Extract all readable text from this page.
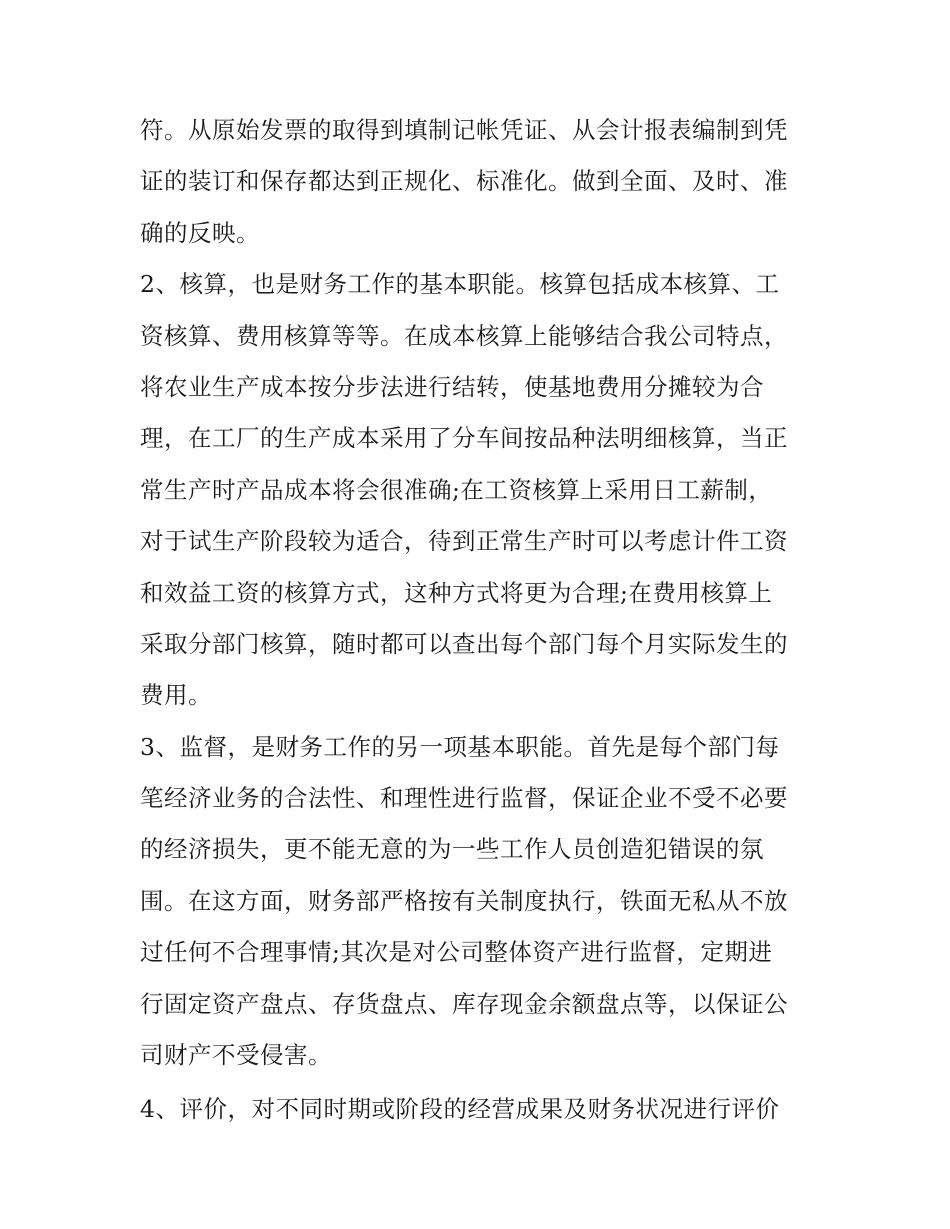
符。从原始发票的取得到填制记帐凭证、从会计报表编制到凭
证的装订和保存都达到正规化、标准化。做到全面、及时、准
确的反映。
2、核算，也是财务工作的基本职能。核算包括成本核算、工
资核算、费用核算等等。在成本核算上能够结合我公司特点，
将农业生产成本按分步法进行结转，使基地费用分摊较为合
理，在工厂的生产成本采用了分车间按品种法明细核算，当正
常生产时产品成本将会很准确;在工资核算上采用日工薪制，
对于试生产阶段较为适合，待到正常生产时可以考虑计件工资
和效益工资的核算方式，这种方式将更为合理;在费用核算上
采取分部门核算，随时都可以查出每个部门每个月实际发生的
费用。
3、监督，是财务工作的另一项基本职能。首先是每个部门每
笔经济业务的合法性、和理性进行监督，保证企业不受不必要
的经济损失，更不能无意的为一些工作人员创造犯错误的氛
围。在这方面，财务部严格按有关制度执行，铁面无私从不放
过任何不合理事情;其次是对公司整体资产进行监督，定期进
行固定资产盘点、存货盘点、库存现金余额盘点等，以保证公
司财产不受侵害。
4、评价，对不同时期或阶段的经营成果及财务状况进行评价
